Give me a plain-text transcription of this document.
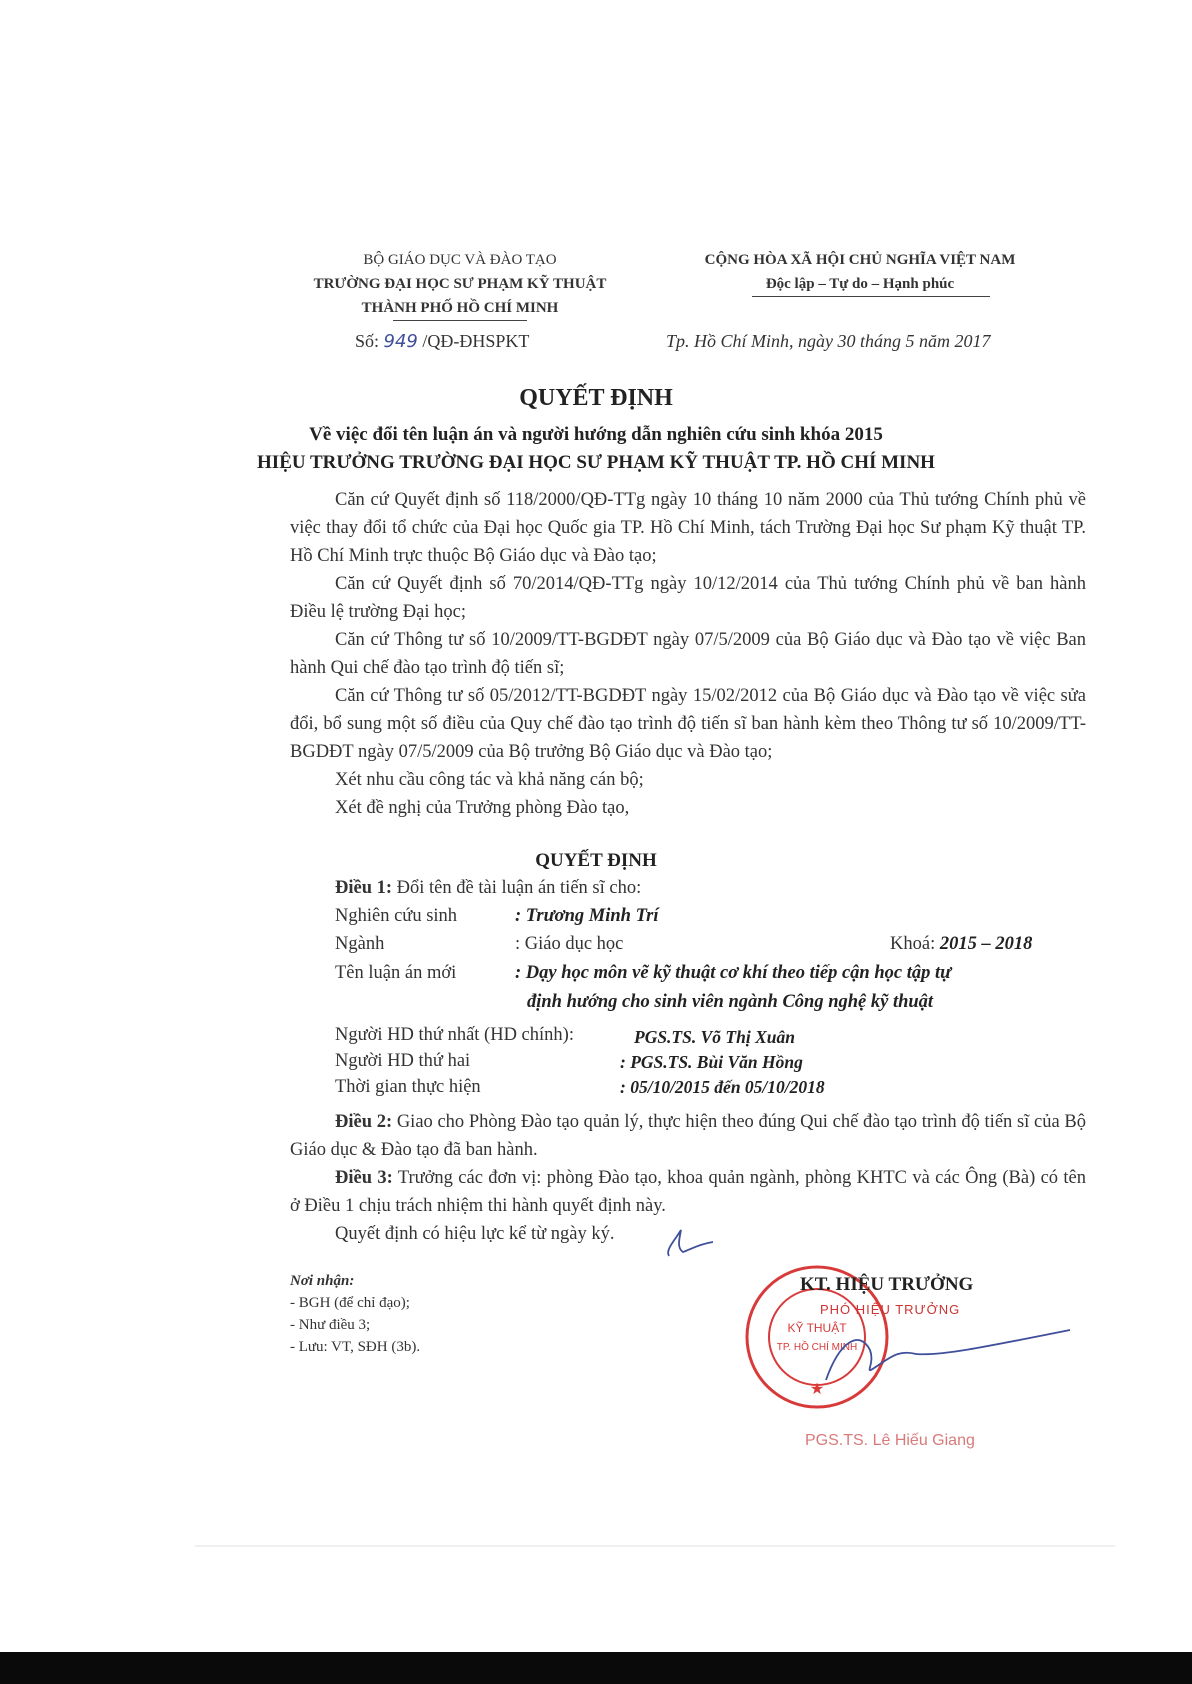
BỘ GIÁO DỤC VÀ ĐÀO TẠO
TRƯỜNG ĐẠI HỌC SƯ PHẠM KỸ THUẬT
THÀNH PHỐ HỒ CHÍ MINH
CỘNG HÒA XÃ HỘI CHỦ NGHĨA VIỆT NAM
Độc lập – Tự do – Hạnh phúc
Số: 949 /QĐ-ĐHSPKT	Tp. Hồ Chí Minh, ngày 30 tháng 5 năm 2017
QUYẾT ĐỊNH
Về việc đổi tên luận án và người hướng dẫn nghiên cứu sinh khóa 2015
HIỆU TRƯỞNG TRƯỜNG ĐẠI HỌC SƯ PHẠM KỸ THUẬT TP. HỒ CHÍ MINH

Căn cứ Quyết định số 118/2000/QĐ-TTg ngày 10 tháng 10 năm 2000 của Thủ tướng Chính phủ về việc thay đổi tổ chức của Đại học Quốc gia TP. Hồ Chí Minh, tách Trường Đại học Sư phạm Kỹ thuật TP. Hồ Chí Minh trực thuộc Bộ Giáo dục và Đào tạo;

Căn cứ Quyết định số 70/2014/QĐ-TTg ngày 10/12/2014 của Thủ tướng Chính phủ về ban hành Điều lệ trường Đại học;

Căn cứ Thông tư số 10/2009/TT-BGDĐT ngày 07/5/2009 của Bộ Giáo dục và Đào tạo về việc Ban hành Qui chế đào tạo trình độ tiến sĩ;

Căn cứ Thông tư số 05/2012/TT-BGDĐT ngày 15/02/2012 của Bộ Giáo dục và Đào tạo về việc sửa đổi, bổ sung một số điều của Quy chế đào tạo trình độ tiến sĩ ban hành kèm theo Thông tư số 10/2009/TT-BGDĐT ngày 07/5/2009 của Bộ trưởng Bộ Giáo dục và Đào tạo;

Xét nhu cầu công tác và khả năng cán bộ;

Xét đề nghị của Trưởng phòng Đào tạo,

QUYẾT ĐỊNH
Điều 1: Đổi tên đề tài luận án tiến sĩ cho:
Nghiên cứu sinh	: Trương Minh Trí
Ngành	: Giáo dục học	Khoá: 2015 – 2018
Tên luận án mới	: Dạy học môn vẽ kỹ thuật cơ khí theo tiếp cận học tập tự
định hướng cho sinh viên ngành Công nghệ kỹ thuật
Người HD thứ nhất (HD chính):	PGS.TS. Võ Thị Xuân
Người HD thứ hai	: PGS.TS. Bùi Văn Hồng
Thời gian thực hiện	: 05/10/2015 đến 05/10/2018

Điều 2: Giao cho Phòng Đào tạo quản lý, thực hiện theo đúng Qui chế đào tạo trình độ tiến sĩ của Bộ Giáo dục & Đào tạo đã ban hành.

Điều 3: Trưởng các đơn vị: phòng Đào tạo, khoa quản ngành, phòng KHTC và các Ông (Bà) có tên ở Điều 1 chịu trách nhiệm thi hành quyết định này.

Quyết định có hiệu lực kể từ ngày ký.

Nơi nhận:
- BGH (để chỉ đạo);
- Như điều 3;
- Lưu: VT, SĐH (3b).
KỸ THUẬT
TP. HỒ CHÍ MINH
★
KT. HIỆU TRƯỞNG
PHÓ HIỆU TRƯỞNG
PGS.TS. Lê Hiếu Giang
